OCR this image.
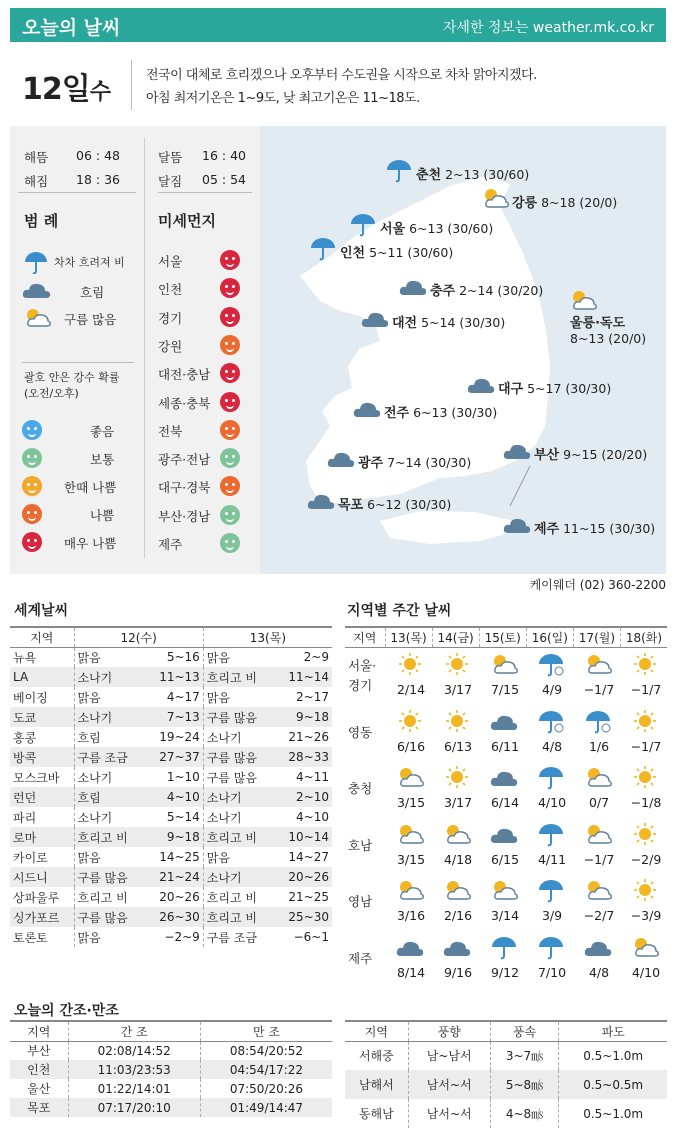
오늘의 날씨	자세한 정보는 weather.mk.co.kr
12일수
전국이 대체로 흐리겠으나 오후부터 수도권을 시작으로 차차 맑아지겠다.
아침 최저기온은 1~9도, 낮 최고기온은 11~18도.
해뜸 06 : 48
해짐 18 : 36
달뜸 16 : 40
달짐 05 : 54
범 례	미세먼지
차차 흐려져 비
흐림
구름 많음
괄호 안은 강수 확률
(오전/오후)
좋음
보통
한때 나쁨
나쁨
매우 나쁨
서울
인천
경기
강원
대전·충남
세종·충북
전북
광주·전남
대구·경북
부산·경남
제주
춘천 2~13 (30/60)
강릉 8~18 (20/0)
서울 6~13 (30/60)
인천 5~11 (30/60)
충주 2~14 (30/20)
대전 5~14 (30/30)	울릉·독도
8~13 (20/0)
대구 5~17 (30/30)
전주 6~13 (30/30)
부산 9~15 (20/20)
광주 7~14 (30/30)
목포 6~12 (30/30)
제주 11~15 (30/30)
케이웨더 (02) 360-2200
세계날씨
지역	12(수)		13(목)	
뉴욕	맑음	5~16	맑음	2~9
LA	소나기	11~13	흐리고 비	11~14
베이징	맑음	4~17	맑음	2~17
도쿄	소나기	7~13	구름 많음	9~18
홍콩	흐림	19~24	소나기	21~26
방콕	구름 조금	27~37	구름 많음	28~33
모스크바	소나기	1~10	구름 많음	4~11
런던	흐림	4~10	소나기	2~10
파리	소나기	5~14	소나기	4~10
로마	흐리고 비	9~18	흐리고 비	10~14
카이로	맑음	14~25	맑음	14~27
시드니	구름 많음	21~24	소나기	20~26
상파울루	흐리고 비	20~26	흐리고 비	21~25
싱가포르	구름 많음	26~30	흐리고 비	25~30
토론토	맑음	−2~9	구름 조금	−6~1
지역별 주간 날씨
지역	13(목)	14(금)	15(토)	16(일)	17(월)	18(화)
서울·
경기	2/14	3/17	7/15	4/9	−1/7 −1/7
영동
6/16	6/13	6/11	4/8	1/6	−1/7
충청
3/15	3/17	6/14	4/10	0/7	−1/8
호남
3/15	4/18	6/15	4/11	−1/7 −2/9
영남
3/16	2/16	3/14	3/9	−2/7 −3/9
제주
8/14	9/16	9/12	7/10	4/8	4/10
오늘의 간조·만조
지역	간 조	만 조
부산	02:08/14:52	08:54/20:52
인천	11:03/23:53	04:54/17:22
울산	01:22/14:01	07:50/20:26
목포	07:17/20:10	01:49/14:47
지역	풍향	풍속	파도
서해중	남~남서	3~7㎧	0.5~1.0m
남해서	남서~서	5~8㎧	0.5~0.5m
동해남	남서~서	4~8㎧	0.5~1.0m
